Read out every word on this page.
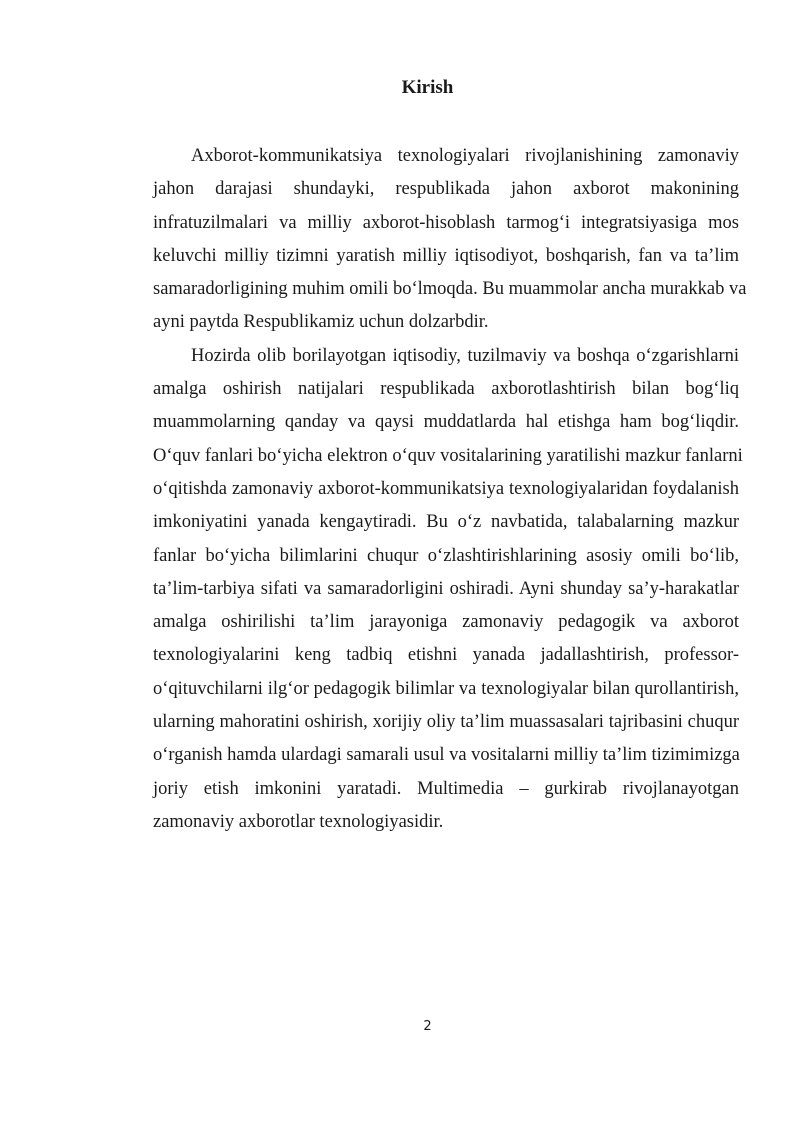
Kirish
Axborot-kommunikatsiya texnologiyalari rivojlanishining zamonaviy
jahon darajasi shundayki, respublikada jahon axborot makonining
infratuzilmalari va milliy axborot-hisoblash tarmog‘i integratsiyasiga mos
keluvchi milliy tizimni yaratish milliy iqtisodiyot, boshqarish, fan va ta’lim
samaradorligining muhim omili bo‘lmoqda. Bu muammolar ancha murakkab va
ayni paytda Respublikamiz uchun dolzarbdir.
Hozirda olib borilayotgan iqtisodiy, tuzilmaviy va boshqa o‘zgarishlarni
amalga oshirish natijalari respublikada axborotlashtirish bilan bog‘liq
muammolarning qanday va qaysi muddatlarda hal etishga ham bog‘liqdir.
O‘quv fanlari bo‘yicha elektron o‘quv vositalarining yaratilishi mazkur fanlarni
o‘qitishda zamonaviy axborot-kommunikatsiya texnologiyalaridan foydalanish
imkoniyatini yanada kengaytiradi. Bu o‘z navbatida, talabalarning mazkur
fanlar bo‘yicha bilimlarini chuqur o‘zlashtirishlarining asosiy omili bo‘lib,
ta’lim-tarbiya sifati va samaradorligini oshiradi. Ayni shunday sa’y-harakatlar
amalga oshirilishi ta’lim jarayoniga zamonaviy pedagogik va axborot
texnologiyalarini keng tadbiq etishni yanada jadallashtirish, professor-
o‘qituvchilarni ilg‘or pedagogik bilimlar va texnologiyalar bilan qurollantirish,
ularning mahoratini oshirish, xorijiy oliy ta’lim muassasalari tajribasini chuqur
o‘rganish hamda ulardagi samarali usul va vositalarni milliy ta’lim tizimimizga
joriy etish imkonini yaratadi. Multimedia – gurkirab rivojlanayotgan
zamonaviy axborotlar texnologiyasidir.
2
